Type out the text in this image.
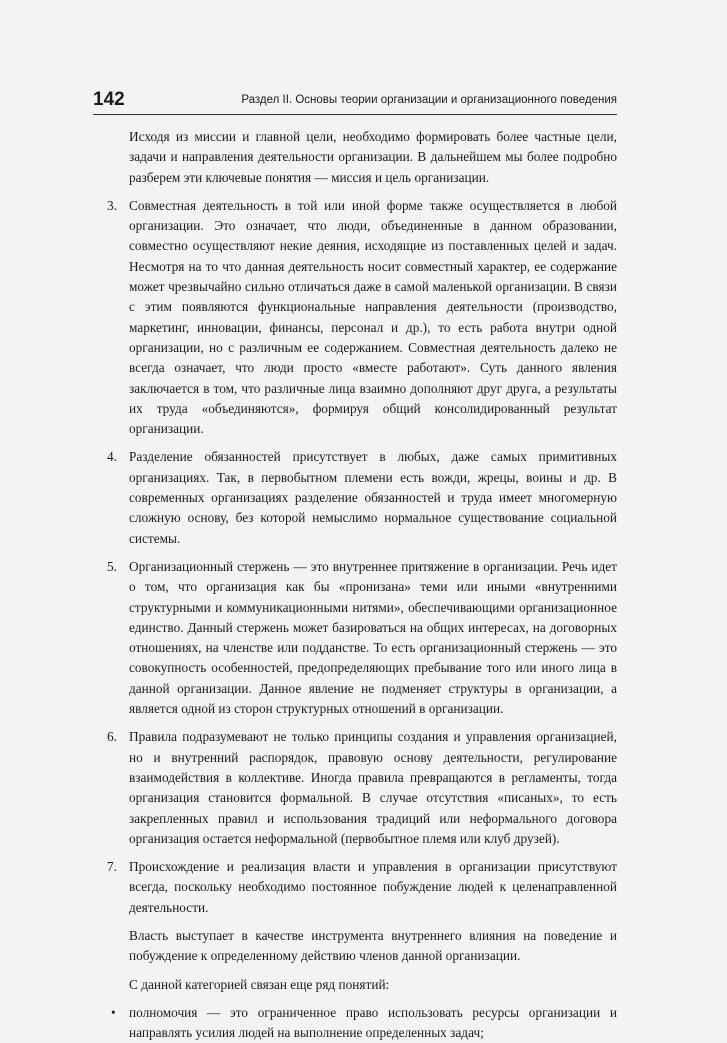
142	Раздел II. Основы теории организации и организационного поведения

Исходя из миссии и главной цели, необходимо формировать более частные цели, задачи и направления деятельности организации. В дальнейшем мы более подробно разберем эти ключевые понятия — миссия и цель организации.

3. Совместная деятельность в той или иной форме также осуществляется в любой организации. Это означает, что люди, объединенные в данном образовании, совместно осуществляют некие деяния, исходящие из поставленных целей и задач. Несмотря на то что данная деятельность носит совместный характер, ее содержание может чрезвычайно сильно отличаться даже в самой маленькой организации. В связи с этим появляются функциональные направления деятельности (производство, маркетинг, инновации, финансы, персонал и др.), то есть работа внутри одной организации, но с различным ее содержанием. Совместная деятельность далеко не всегда означает, что люди просто «вместе работают». Суть данного явления заключается в том, что различные лица взаимно дополняют друг друга, а результаты их труда «объединяются», формируя общий консолидированный результат организации.
4. Разделение обязанностей присутствует в любых, даже самых примитивных организациях. Так, в первобытном племени есть вожди, жрецы, воины и др. В современных организациях разделение обязанностей и труда имеет многомерную сложную основу, без которой немыслимо нормальное существование социальной системы.
5. Организационный стержень — это внутреннее притяжение в организации. Речь идет о том, что организация как бы «пронизана» теми или иными «внутренними структурными и коммуникационными нитями», обеспечивающими организационное единство. Данный стержень может базироваться на общих интересах, на договорных отношениях, на членстве или подданстве. То есть организационный стержень — это совокупность особенностей, предопределяющих пребывание того или иного лица в данной организации. Данное явление не подменяет структуры в организации, а является одной из сторон структурных отношений в организации.
6. Правила подразумевают не только принципы создания и управления организацией, но и внутренний распорядок, правовую основу деятельности, регулирование взаимодействия в коллективе. Иногда правила превращаются в регламенты, тогда организация становится формальной. В случае отсутствия «писаных», то есть закрепленных правил и использования традиций или неформального договора организация остается неформальной (первобытное племя или клуб друзей).
7. Происхождение и реализация власти и управления в организации присутствуют всегда, поскольку необходимо постоянное побуждение людей к целенаправленной деятельности.

Власть выступает в качестве инструмента внутреннего влияния на поведение и побуждение к определенному действию членов данной организации.

С данной категорией связан еще ряд понятий:

• полномочия — это ограниченное право использовать ресурсы организации и направлять усилия людей на выполнение определенных задач;
